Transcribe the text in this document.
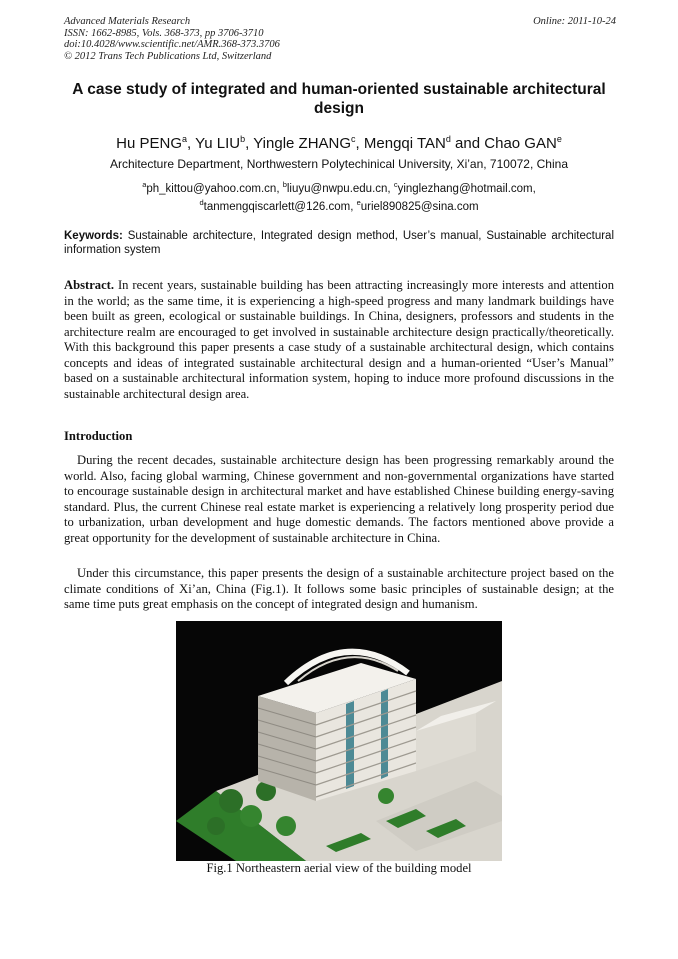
Advanced Materials Research
ISSN: 1662-8985, Vols. 368-373, pp 3706-3710
doi:10.4028/www.scientific.net/AMR.368-373.3706
© 2012 Trans Tech Publications Ltd, Switzerland
Online: 2011-10-24
A case study of integrated and human-oriented sustainable architectural design
Hu PENG$^a$, Yu LIU$^b$, Yingle ZHANG$^c$, Mengqi TAN$^d$ and Chao GAN$^e$
Architecture Department, Northwestern Polytechinical University, Xi’an, 710072, China
$^a$ph_kittou@yahoo.com.cn, $^b$liuyu@nwpu.edu.cn, $^c$yinglezhang@hotmail.com,
$^d$tanmengqiscarlett@126.com, $^e$uriel890825@sina.com
Keywords: Sustainable architecture, Integrated design method, User’s manual, Sustainable architectural information system
Abstract. In recent years, sustainable building has been attracting increasingly more interests and attention in the world; as the same time, it is experiencing a high-speed progress and many landmark buildings have been built as green, ecological or sustainable buildings. In China, designers, professors and students in the architecture realm are encouraged to get involved in sustainable architecture design practically/theoretically. With this background this paper presents a case study of a sustainable architectural design, which contains concepts and ideas of integrated sustainable architectural design and a human-oriented “User’s Manual” based on a sustainable architectural information system, hoping to induce more profound discussions in the sustainable architectural design area.
Introduction
During the recent decades, sustainable architecture design has been progressing remarkably around the world. Also, facing global warming, Chinese government and non-governmental organizations have started to encourage sustainable design in architectural market and have established Chinese building energy-saving standard. Plus, the current Chinese real estate market is experiencing a relatively long prosperity period due to urbanization, urban development and huge domestic demands. The factors mentioned above provide a great opportunity for the development of sustainable architecture in China.
Under this circumstance, this paper presents the design of a sustainable architecture project based on the climate conditions of Xi’an, China (Fig.1). It follows some basic principles of sustainable design; at the same time puts great emphasis on the concept of integrated design and humanism.
Fig.1 Northeastern aerial view of the building model
